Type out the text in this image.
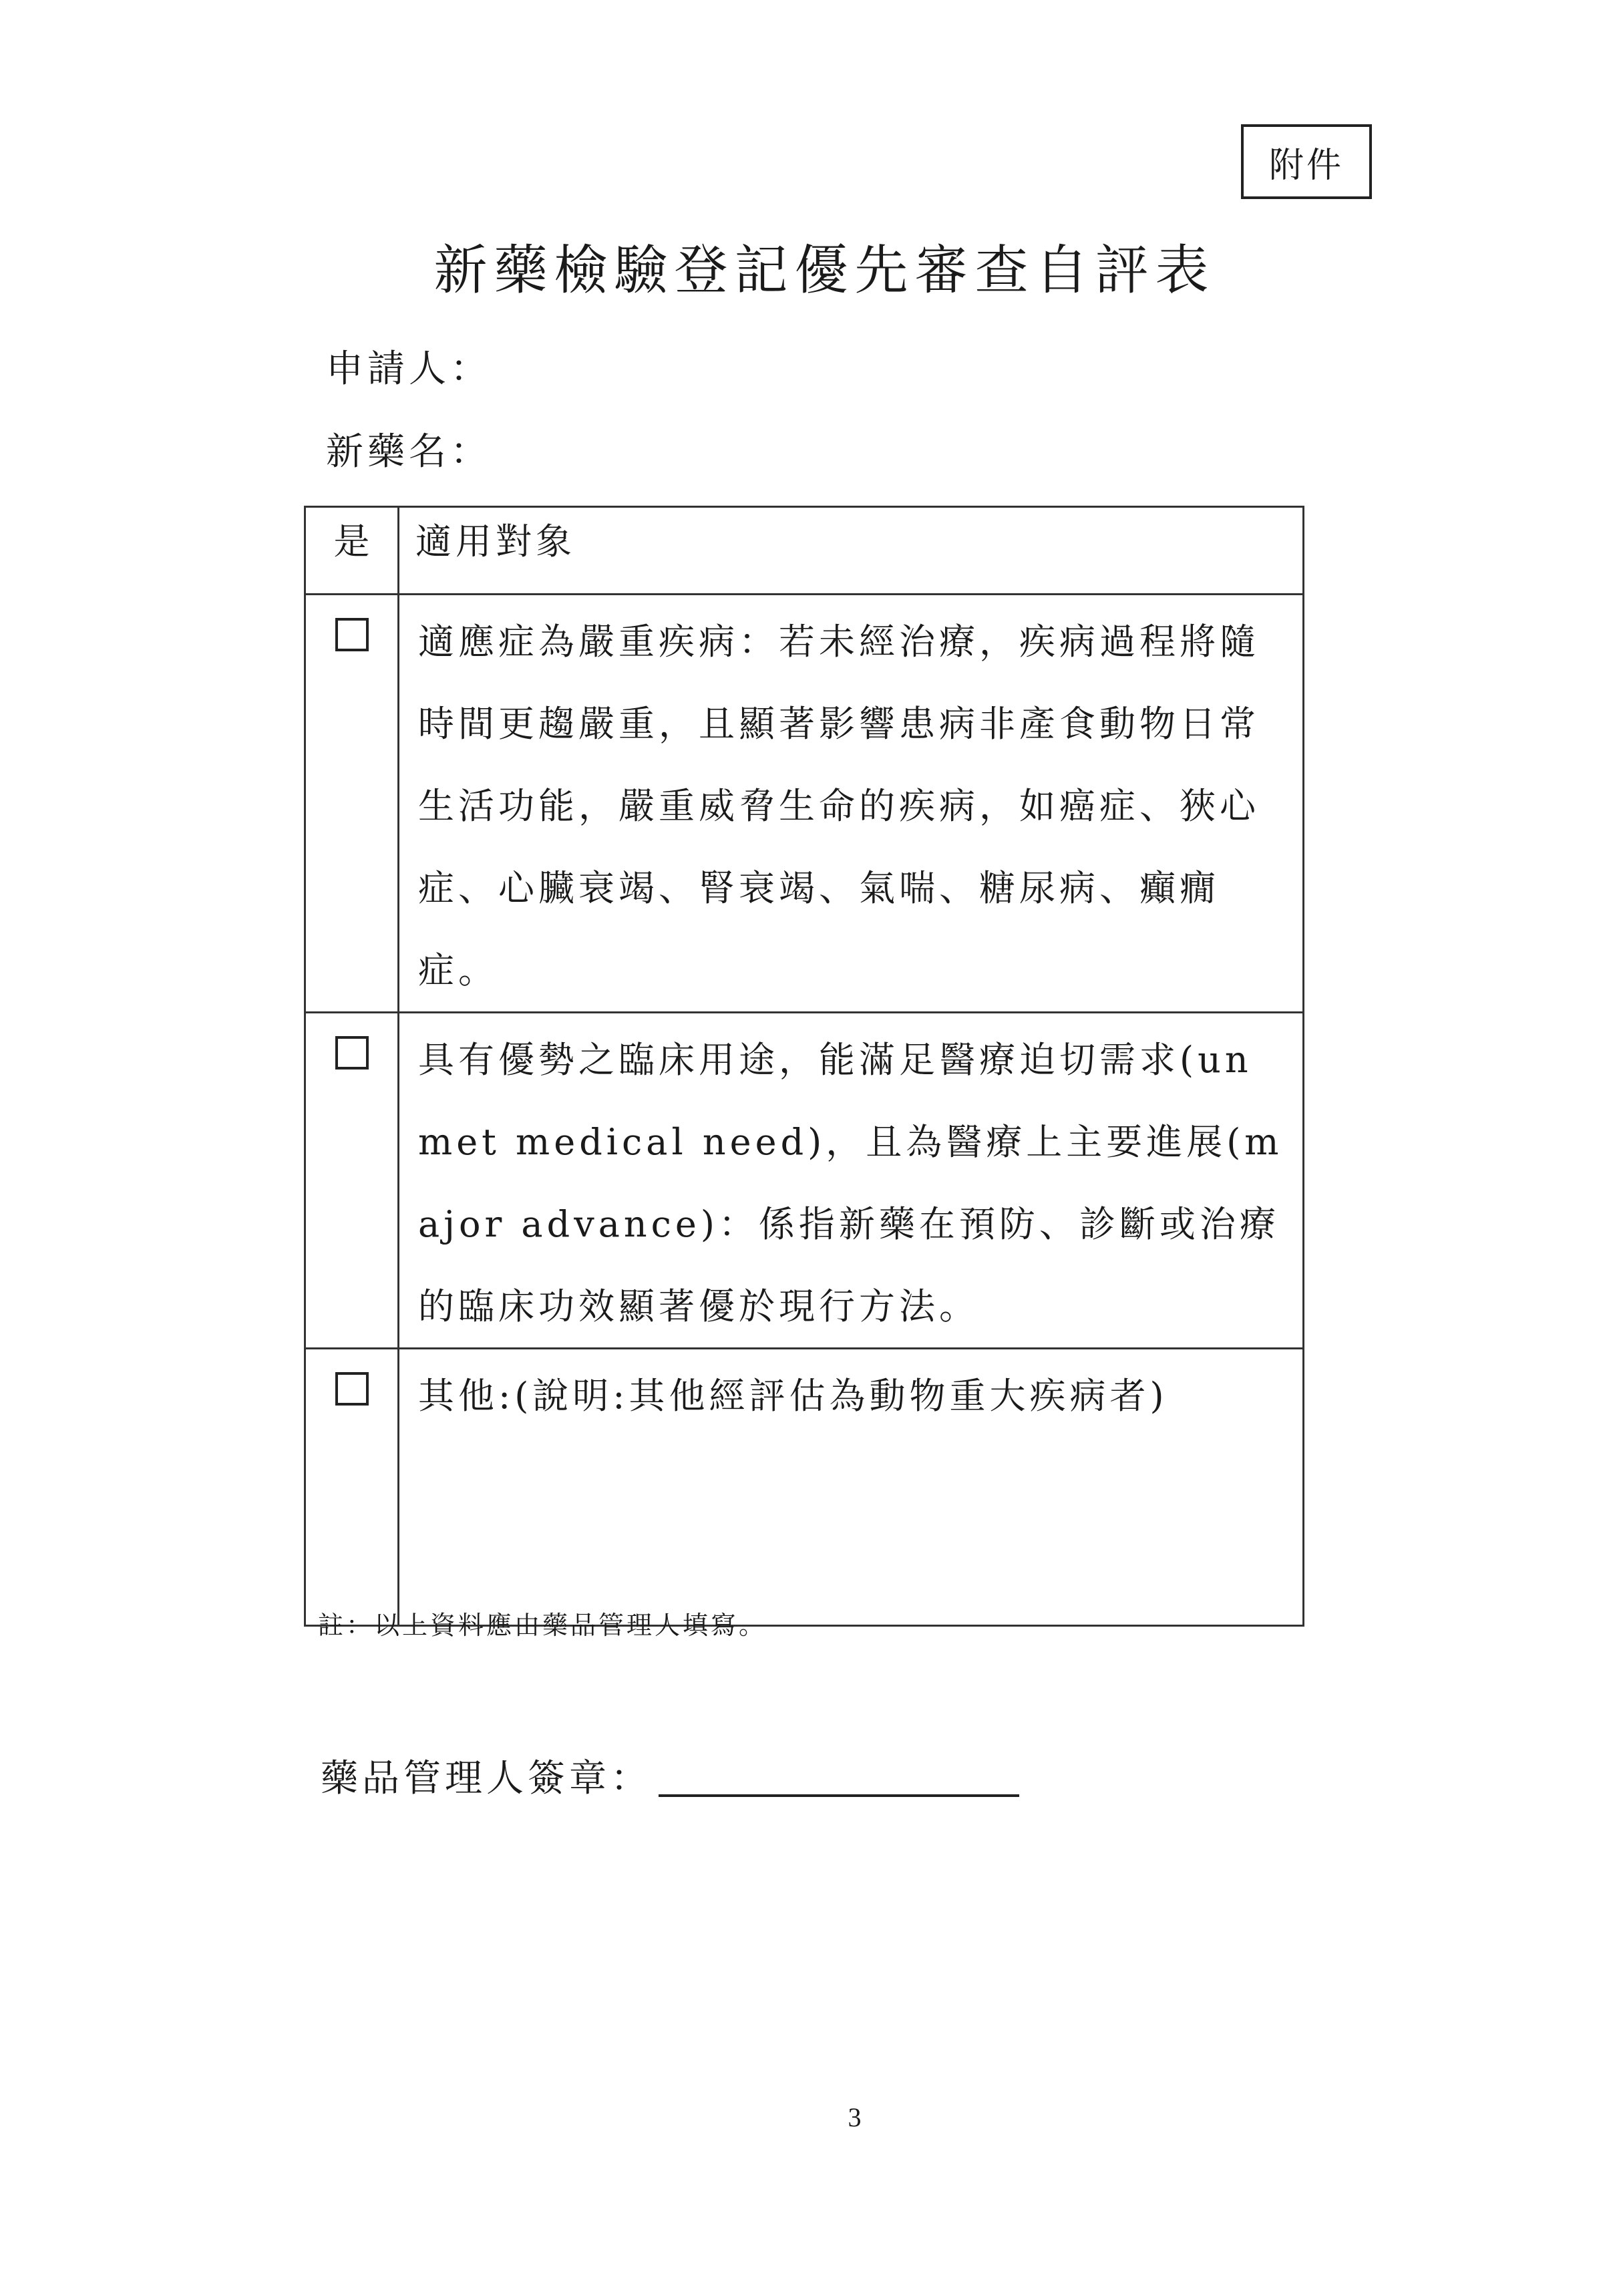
附件
新藥檢驗登記優先審查自評表
申請人：
新藥名：
是	適用對象

	適應症為嚴重疾病：若未經治療，疾病過程將隨時間更趨嚴重，且顯著影響患病非產食動物日常生活功能，嚴重威脅生命的疾病，如癌症、狹心症、心臟衰竭、腎衰竭、氣喘、糖尿病、癲癇症。

	具有優勢之臨床用途，能滿足醫療迫切需求(unmet medical need)，且為醫療上主要進展(major advance)：係指新藥在預防、診斷或治療的臨床功效顯著優於現行方法。

	其他:(說明:其他經評估為動物重大疾病者)
註：以上資料應由藥品管理人填寫。
藥品管理人簽章：
3
